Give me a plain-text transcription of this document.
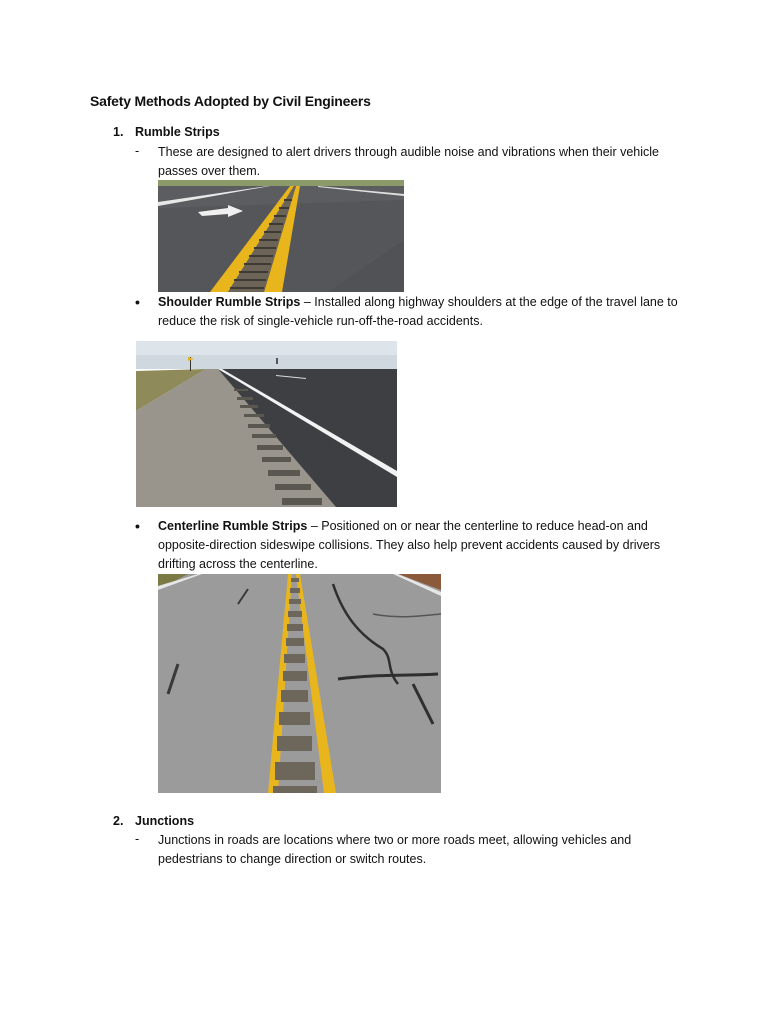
Safety Methods Adopted by Civil Engineers
1. Rumble Strips
- These are designed to alert drivers through audible noise and vibrations when their vehicle passes over them.
• Shoulder Rumble Strips – Installed along highway shoulders at the edge of the travel lane to reduce the risk of single-vehicle run-off-the-road accidents.
• Centerline Rumble Strips – Positioned on or near the centerline to reduce head-on and opposite-direction sideswipe collisions. They also help prevent accidents caused by drivers drifting across the centerline.
2. Junctions
- Junctions in roads are locations where two or more roads meet, allowing vehicles and pedestrians to change direction or switch routes.
